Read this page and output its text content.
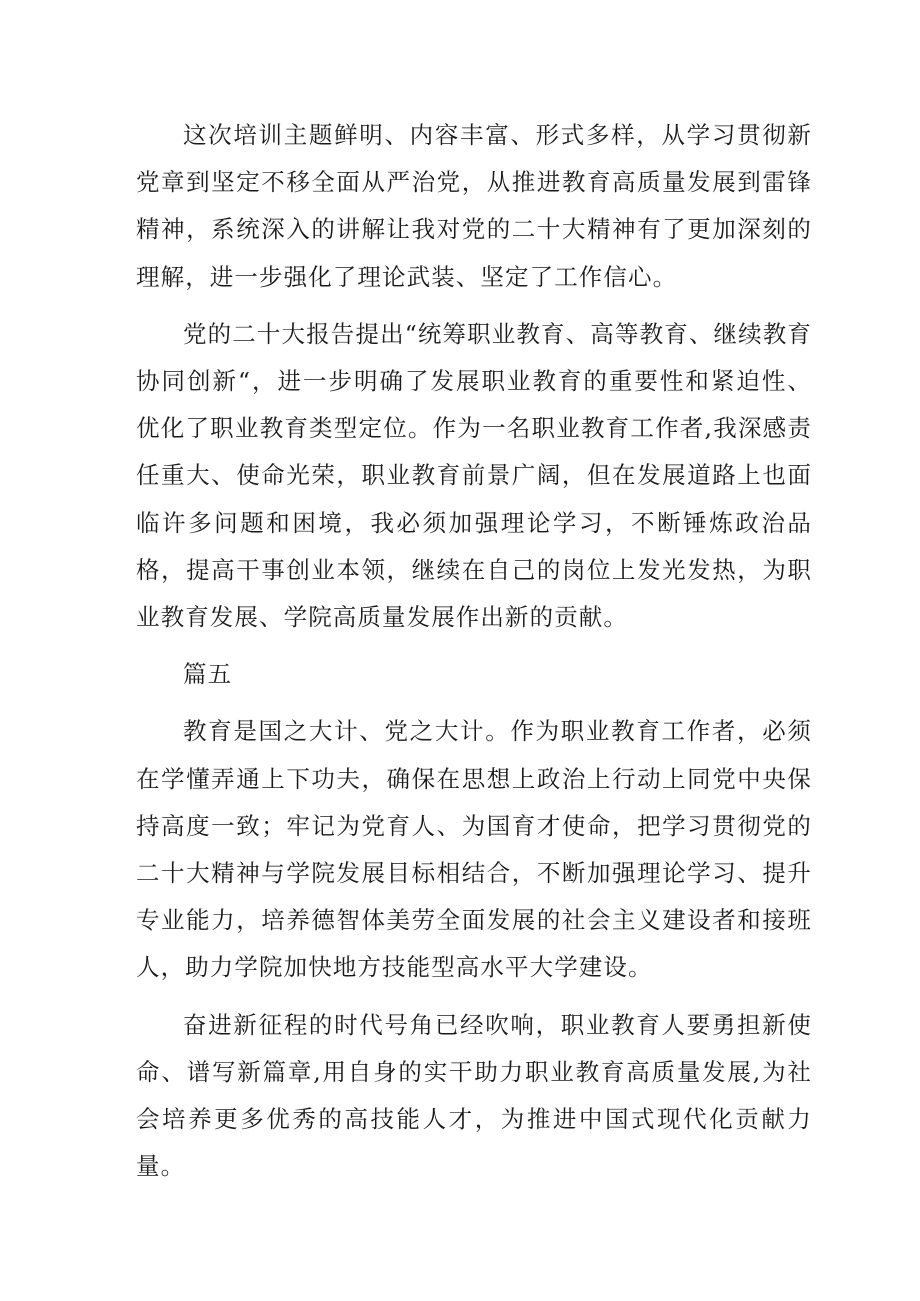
这次培训主题鲜明、内容丰富、形式多样，从学习贯彻新党章到坚定不移全面从严治党，从推进教育高质量发展到雷锋精神，系统深入的讲解让我对党的二十大精神有了更加深刻的理解，进一步强化了理论武装、坚定了工作信心。

党的二十大报告提出“统筹职业教育、高等教育、继续教育协同创新“，进一步明确了发展职业教育的重要性和紧迫性、优化了职业教育类型定位。作为一名职业教育工作者,我深感责任重大、使命光荣，职业教育前景广阔，但在发展道路上也面临许多问题和困境，我必须加强理论学习，不断锤炼政治品格，提高干事创业本领，继续在自己的岗位上发光发热，为职业教育发展、学院高质量发展作出新的贡献。

篇五

教育是国之大计、党之大计。作为职业教育工作者，必须在学懂弄通上下功夫，确保在思想上政治上行动上同党中央保持高度一致；牢记为党育人、为国育才使命，把学习贯彻党的二十大精神与学院发展目标相结合，不断加强理论学习、提升专业能力，培养德智体美劳全面发展的社会主义建设者和接班人，助力学院加快地方技能型高水平大学建设。

奋进新征程的时代号角已经吹响，职业教育人要勇担新使命、谱写新篇章,用自身的实干助力职业教育高质量发展,为社会培养更多优秀的高技能人才，为推进中国式现代化贡献力量。
